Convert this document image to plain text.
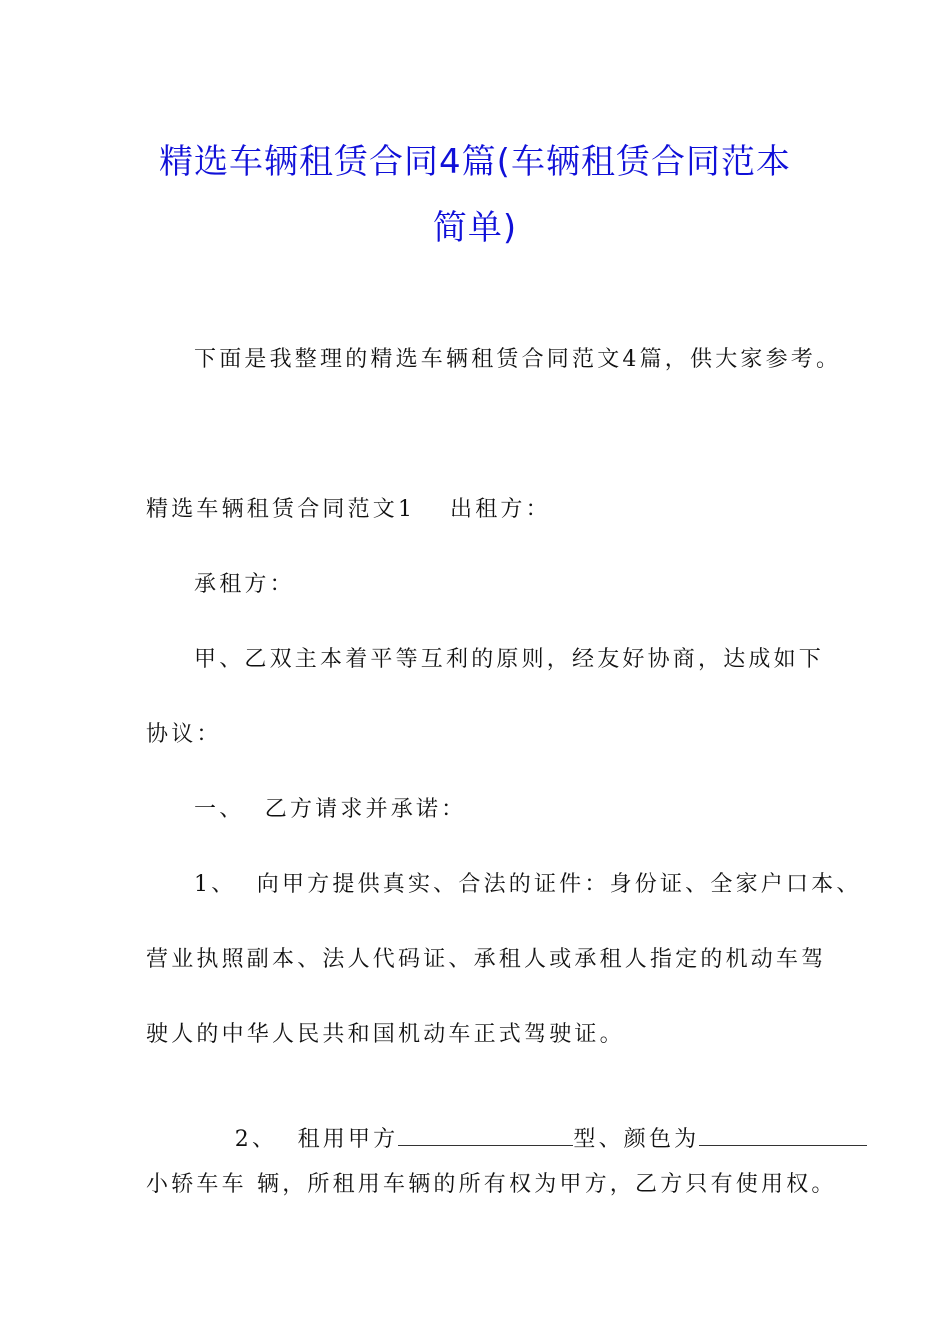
精选车辆租赁合同4篇(车辆租赁合同范本
简单)
下面是我整理的精选车辆租赁合同范文4篇，供大家参考。
精选车辆租赁合同范文1 出租方：
承租方：
甲、乙双主本着平等互利的原则，经友好协商，达成如下
协议：
一、  乙方请求并承诺：
1、  向甲方提供真实、合法的证件：身份证、全家户口本、
营业执照副本、法人代码证、承租人或承租人指定的机动车驾
驶人的中华人民共和国机动车正式驾驶证。

2、  租用甲方	型、颜色为

小轿车车 辆，所租用车辆的所有权为甲方，乙方只有使用权。
